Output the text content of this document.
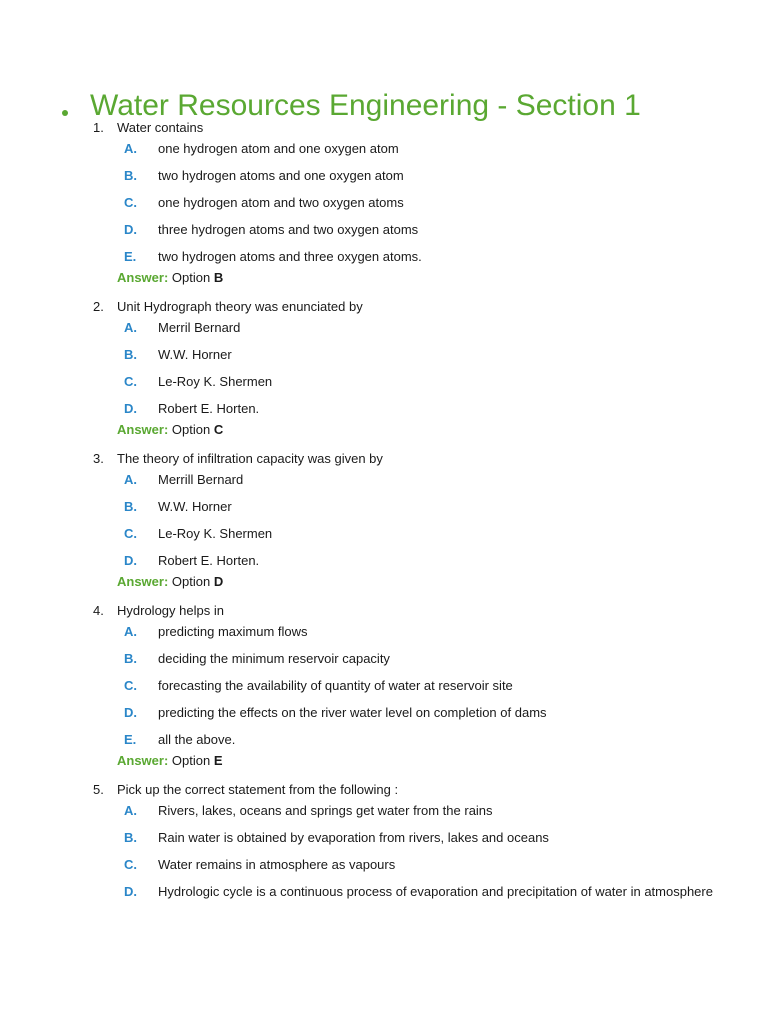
Water Resources Engineering - Section 1
1.	Water contains
A.	one hydrogen atom and one oxygen atom
B.	two hydrogen atoms and one oxygen atom
C.	one hydrogen atom and two oxygen atoms
D.	three hydrogen atoms and two oxygen atoms
E.	two hydrogen atoms and three oxygen atoms.
Answer: Option B
2.	Unit Hydrograph theory was enunciated by
A.	Merril Bernard
B.	W.W. Horner
C.	Le-Roy K. Shermen
D.	Robert E. Horten.
Answer: Option C
3.	The theory of infiltration capacity was given by
A.	Merrill Bernard
B.	W.W. Horner
C.	Le-Roy K. Shermen
D.	Robert E. Horten.
Answer: Option D
4.	Hydrology helps in
A.	predicting maximum flows
B.	deciding the minimum reservoir capacity
C.	forecasting the availability of quantity of water at reservoir site
D.	predicting the effects on the river water level on completion of dams
E.	all the above.
Answer: Option E
5.	Pick up the correct statement from the following :
A.	Rivers, lakes, oceans and springs get water from the rains
B.	Rain water is obtained by evaporation from rivers, lakes and oceans
C.	Water remains in atmosphere as vapours
D.	Hydrologic cycle is a continuous process of evaporation and precipitation of water in atmosphere
